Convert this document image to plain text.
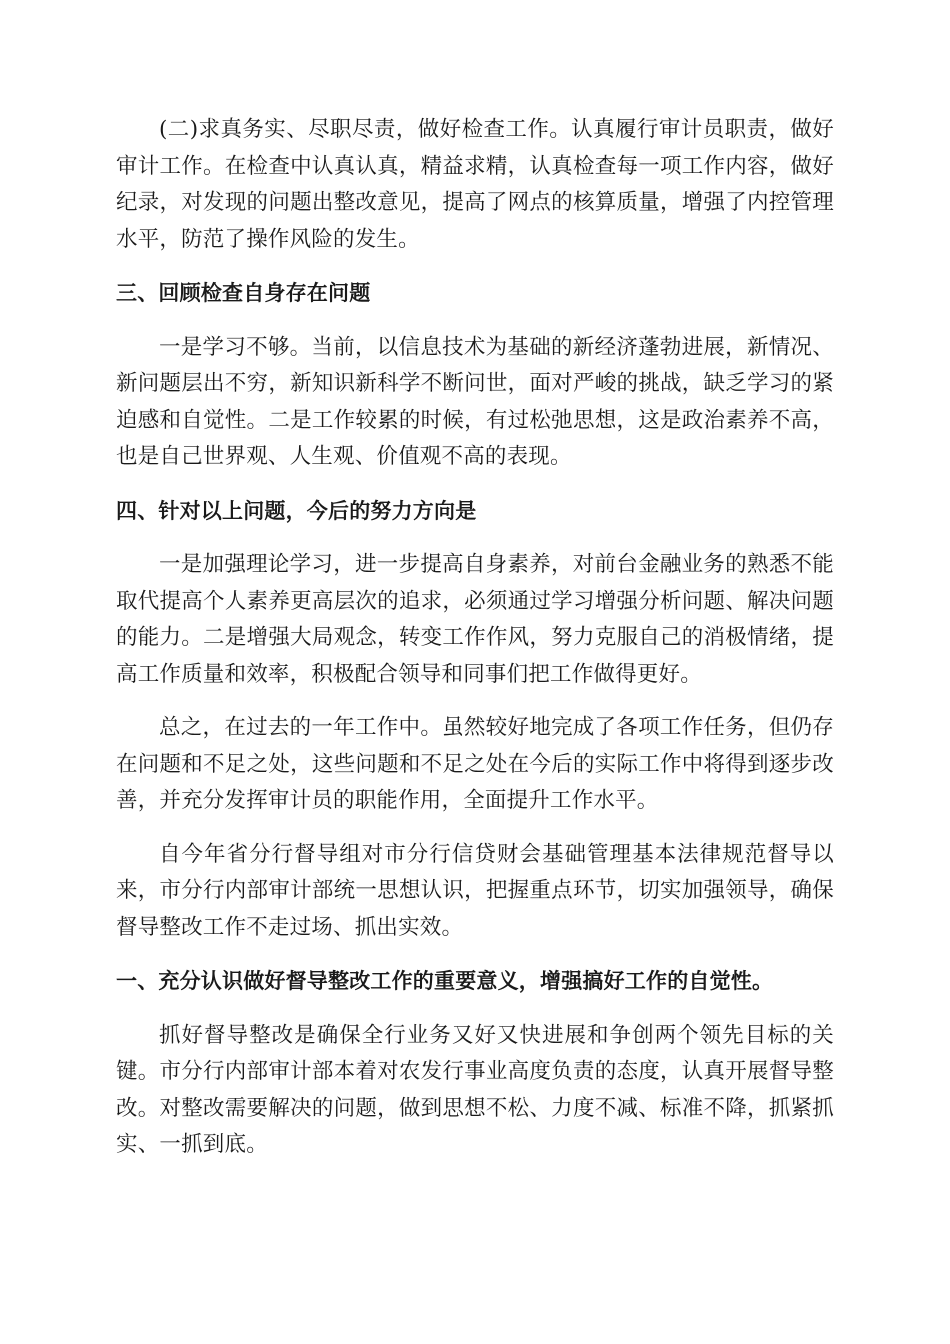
(二)求真务实、尽职尽责，做好检查工作。认真履行审计员职责，做好审计工作。在检查中认真认真，精益求精，认真检查每一项工作内容，做好纪录，对发现的问题出整改意见，提高了网点的核算质量，增强了内控管理水平，防范了操作风险的发生。

三、回顾检查自身存在问题

一是学习不够。当前，以信息技术为基础的新经济蓬勃进展，新情况、新问题层出不穷，新知识新科学不断问世，面对严峻的挑战，缺乏学习的紧迫感和自觉性。二是工作较累的时候，有过松弛思想，这是政治素养不高，也是自己世界观、人生观、价值观不高的表现。

四、针对以上问题，今后的努力方向是

一是加强理论学习，进一步提高自身素养，对前台金融业务的熟悉不能取代提高个人素养更高层次的追求，必须通过学习增强分析问题、解决问题的能力。二是增强大局观念，转变工作作风，努力克服自己的消极情绪，提高工作质量和效率，积极配合领导和同事们把工作做得更好。

总之，在过去的一年工作中。虽然较好地完成了各项工作任务，但仍存在问题和不足之处，这些问题和不足之处在今后的实际工作中将得到逐步改善，并充分发挥审计员的职能作用，全面提升工作水平。

自今年省分行督导组对市分行信贷财会基础管理基本法律规范督导以来，市分行内部审计部统一思想认识，把握重点环节，切实加强领导，确保督导整改工作不走过场、抓出实效。

一、充分认识做好督导整改工作的重要意义，增强搞好工作的自觉性。

抓好督导整改是确保全行业务又好又快进展和争创两个领先目标的关键。市分行内部审计部本着对农发行事业高度负责的态度，认真开展督导整改。对整改需要解决的问题，做到思想不松、力度不减、标准不降，抓紧抓实、一抓到底。
